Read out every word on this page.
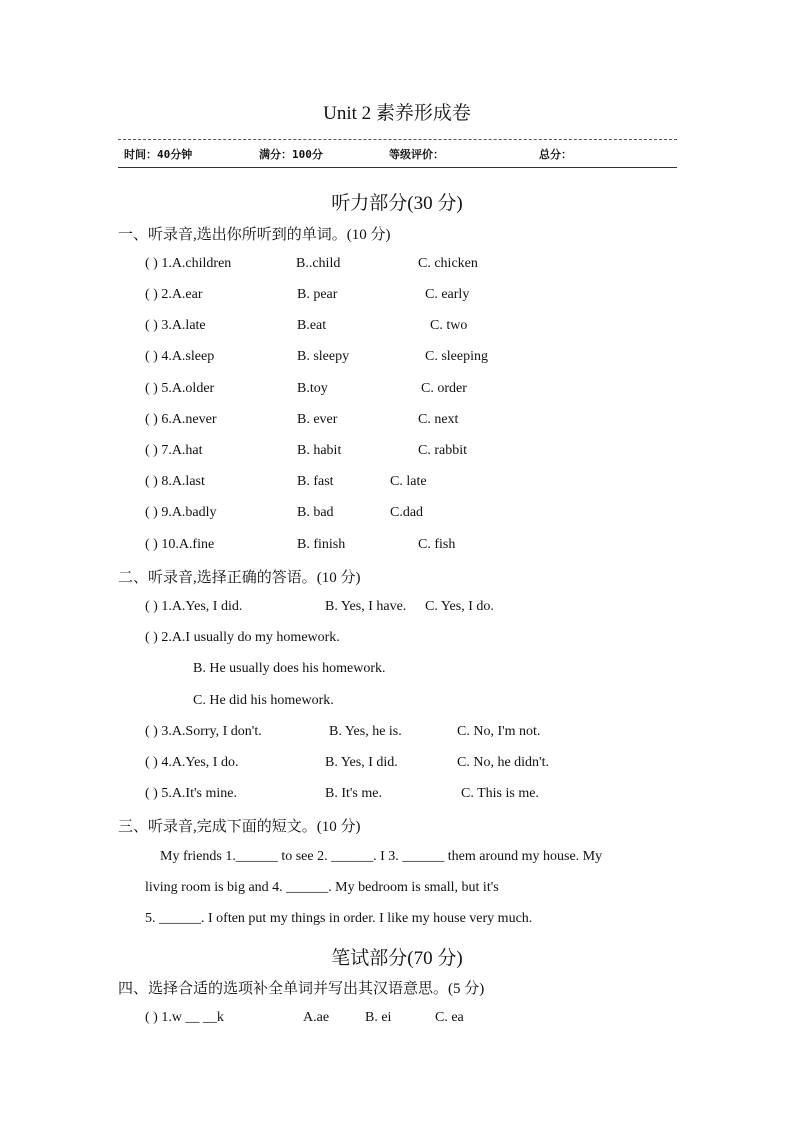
Unit 2 素养形成卷
时间：40分钟	满分：100分	等级评价：	总分：
听力部分(30 分)
一、听录音,选出你所听到的单词。(10 分)
( ) 1.A.children	B..child	C. chicken
( ) 2.A.ear	B. pear	C. early
( ) 3.A.late	B.eat	C. two
( ) 4.A.sleep	B. sleepy	C. sleeping
( ) 5.A.older	B.toy	C. order
( ) 6.A.never	B. ever	C. next
( ) 7.A.hat	B. habit	C. rabbit
( ) 8.A.last	B. fast	C. late
( ) 9.A.badly	B. bad	C.dad
( ) 10.A.fine	B. finish	C. fish
二、听录音,选择正确的答语。(10 分)
( ) 1.A.Yes, I did.	B. Yes, I have. C. Yes, I do.
( ) 2.A.I usually do my homework.
B. He usually does his homework.
C. He did his homework.
( ) 3.A.Sorry, I don't.	B. Yes, he is.	C. No, I'm not.
( ) 4.A.Yes, I do.	B. Yes, I did.	C. No, he didn't.
( ) 5.A.It's mine.	B. It's me.	C. This is me.
三、听录音,完成下面的短文。(10 分)
My friends 1.______ to see 2. ______. I 3. ______ them around my house. My
living room is big and 4. ______. My bedroom is small, but it's
5. ______. I often put my things in order. I like my house very much.
笔试部分(70 分)
四、选择合适的选项补全单词并写出其汉语意思。(5 分)
( ) 1.w __ __k	A.ae	B. ei	C. ea
